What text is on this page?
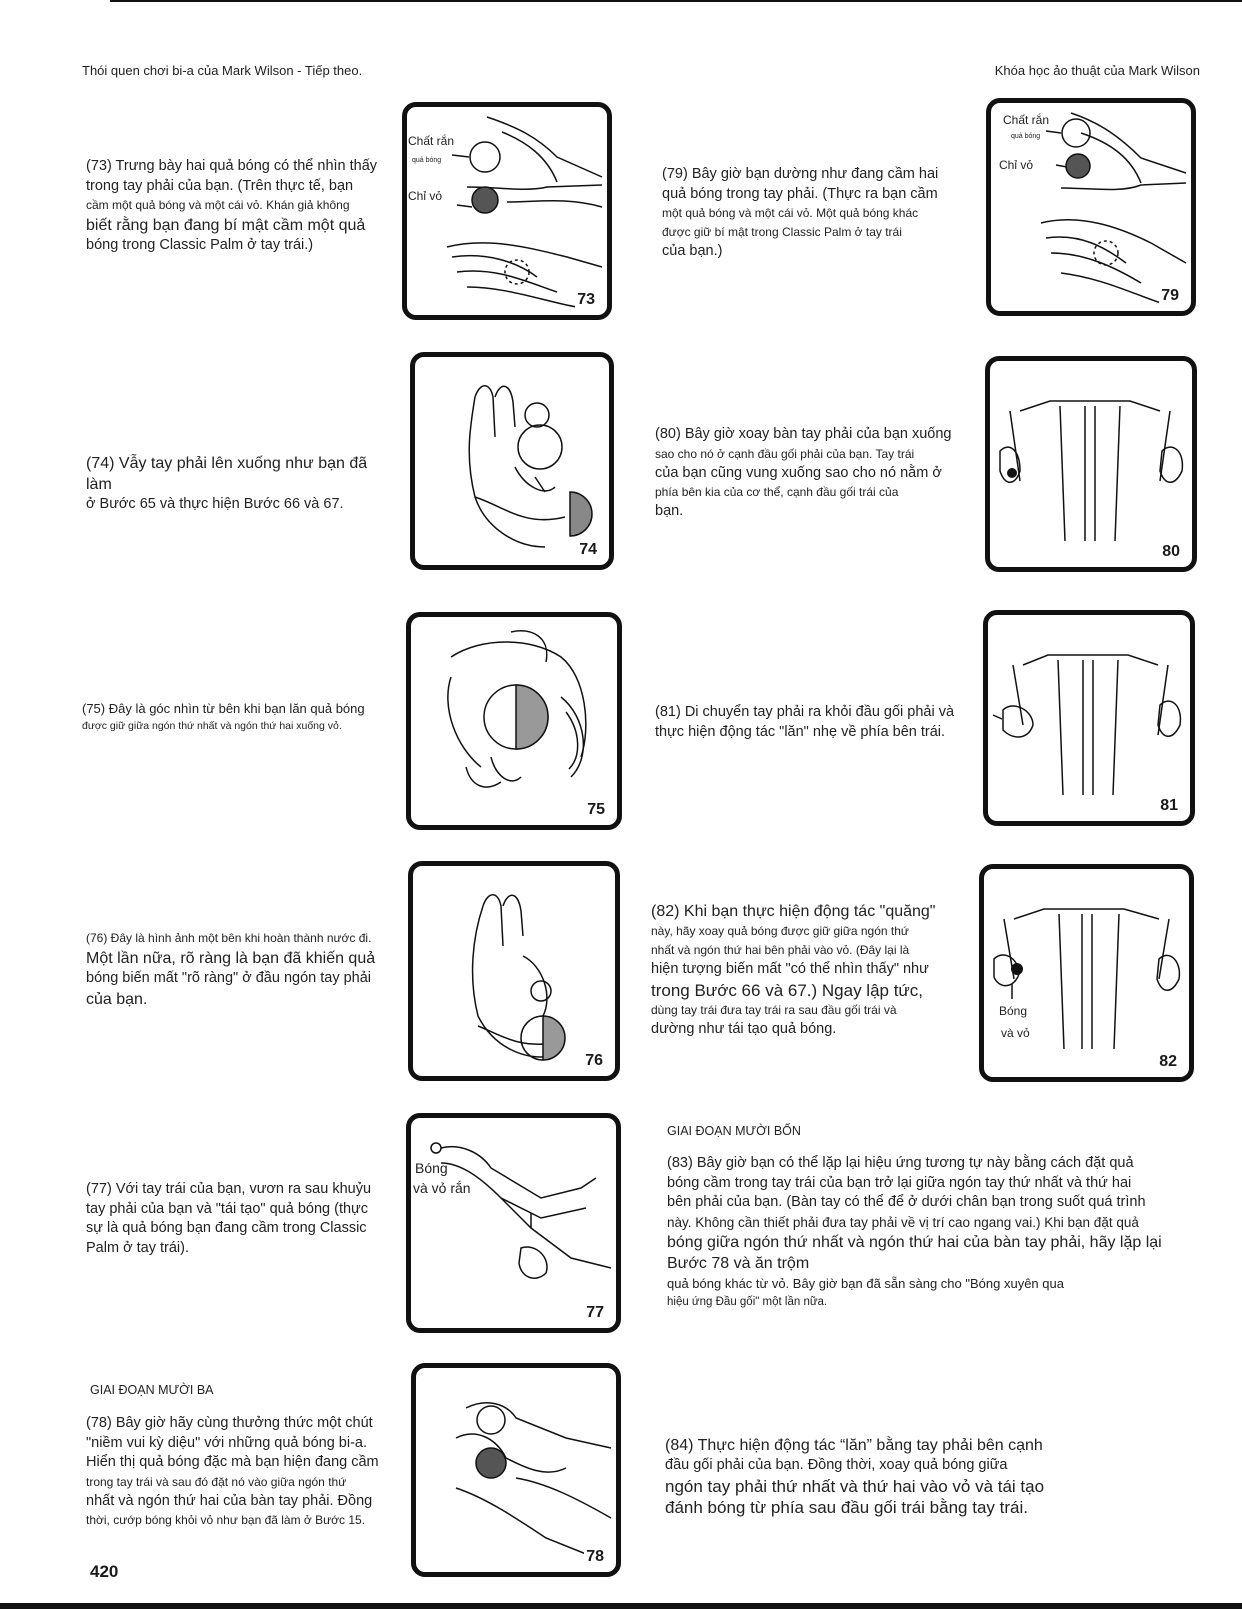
Thói quen chơi bi-a của Mark Wilson - Tiếp theo.	Khóa học ảo thuật của Mark Wilson

(73) Trưng bày hai quả bóng có thể nhìn thấy

trong tay phải của bạn. (Trên thực tế, bạn

cầm một quả bóng và một cái vỏ. Khán giả không

biết rằng bạn đang bí mật cầm một quả

bóng trong Classic Palm ở tay trái.)

Chất rắn
quả bóng
Chỉ vỏ
73

(79) Bây giờ bạn dường như đang cầm hai

quả bóng trong tay phải. (Thực ra bạn cầm

một quả bóng và một cái vỏ. Một quả bóng khác

được giữ bí mật trong Classic Palm ở tay trái

của bạn.)

Chất rắn
quả bóng
Chỉ vỏ
79

(74) Vẫy tay phải lên xuống như bạn đã làm

ở Bước 65 và thực hiện Bước 66 và 67.

74

(80) Bây giờ xoay bàn tay phải của bạn xuống

sao cho nó ở cạnh đầu gối phải của bạn. Tay trái

của bạn cũng vung xuống sao cho nó nằm ở

phía bên kia của cơ thể, cạnh đầu gối trái của

bạn.

80

(75) Đây là góc nhìn từ bên khi bạn lăn quả bóng

được giữ giữa ngón thứ nhất và ngón thứ hai xuống vỏ.

75

(81) Di chuyển tay phải ra khỏi đầu gối phải và

thực hiện động tác "lăn" nhẹ về phía bên trái.

81

(76) Đây là hình ảnh một bên khi hoàn thành nước đi.

Một lần nữa, rõ ràng là bạn đã khiến quả

bóng biến mất "rõ ràng" ở đầu ngón tay phải

của bạn.

76

(82) Khi bạn thực hiện động tác "quăng"

này, hãy xoay quả bóng được giữ giữa ngón thứ

nhất và ngón thứ hai bên phải vào vỏ. (Đây lại là

hiện tượng biến mất "có thể nhìn thấy" như

trong Bước 66 và 67.) Ngay lập tức,

dùng tay trái đưa tay trái ra sau đầu gối trái và

dường như tái tạo quả bóng.

Bóng
và vỏ
82

(77) Với tay trái của bạn, vươn ra sau khuỷu

tay phải của bạn và "tái tạo" quả bóng (thực

sự là quả bóng bạn đang cầm trong Classic

Palm ở tay trái).

Bóng
và vỏ rắn
77
GIAI ĐOẠN MƯỜI BỐN

(83) Bây giờ bạn có thể lặp lại hiệu ứng tương tự này bằng cách đặt quả

bóng cầm trong tay trái của bạn trở lại giữa ngón tay thứ nhất và thứ hai

bên phải của bạn. (Bàn tay có thể để ở dưới chân bạn trong suốt quá trình

này. Không cần thiết phải đưa tay phải về vị trí cao ngang vai.) Khi bạn đặt quả

bóng giữa ngón thứ nhất và ngón thứ hai của bàn tay phải, hãy lặp lại

Bước 78 và ăn trộm

quả bóng khác từ vỏ. Bây giờ bạn đã sẵn sàng cho "Bóng xuyên qua

hiệu ứng Đầu gối" một lần nữa.

GIAI ĐOẠN MƯỜI BA

(78) Bây giờ hãy cùng thưởng thức một chút

"niềm vui kỳ diệu" với những quả bóng bi-a.

Hiển thị quả bóng đặc mà bạn hiện đang cầm

trong tay trái và sau đó đặt nó vào giữa ngón thứ

nhất và ngón thứ hai của bàn tay phải. Đồng

thời, cướp bóng khỏi vỏ như bạn đã làm ở Bước 15.

78

(84) Thực hiện động tác “lăn” bằng tay phải bên cạnh

đầu gối phải của bạn. Đồng thời, xoay quả bóng giữa

ngón tay phải thứ nhất và thứ hai vào vỏ và tái tạo

đánh bóng từ phía sau đầu gối trái bằng tay trái.

420
